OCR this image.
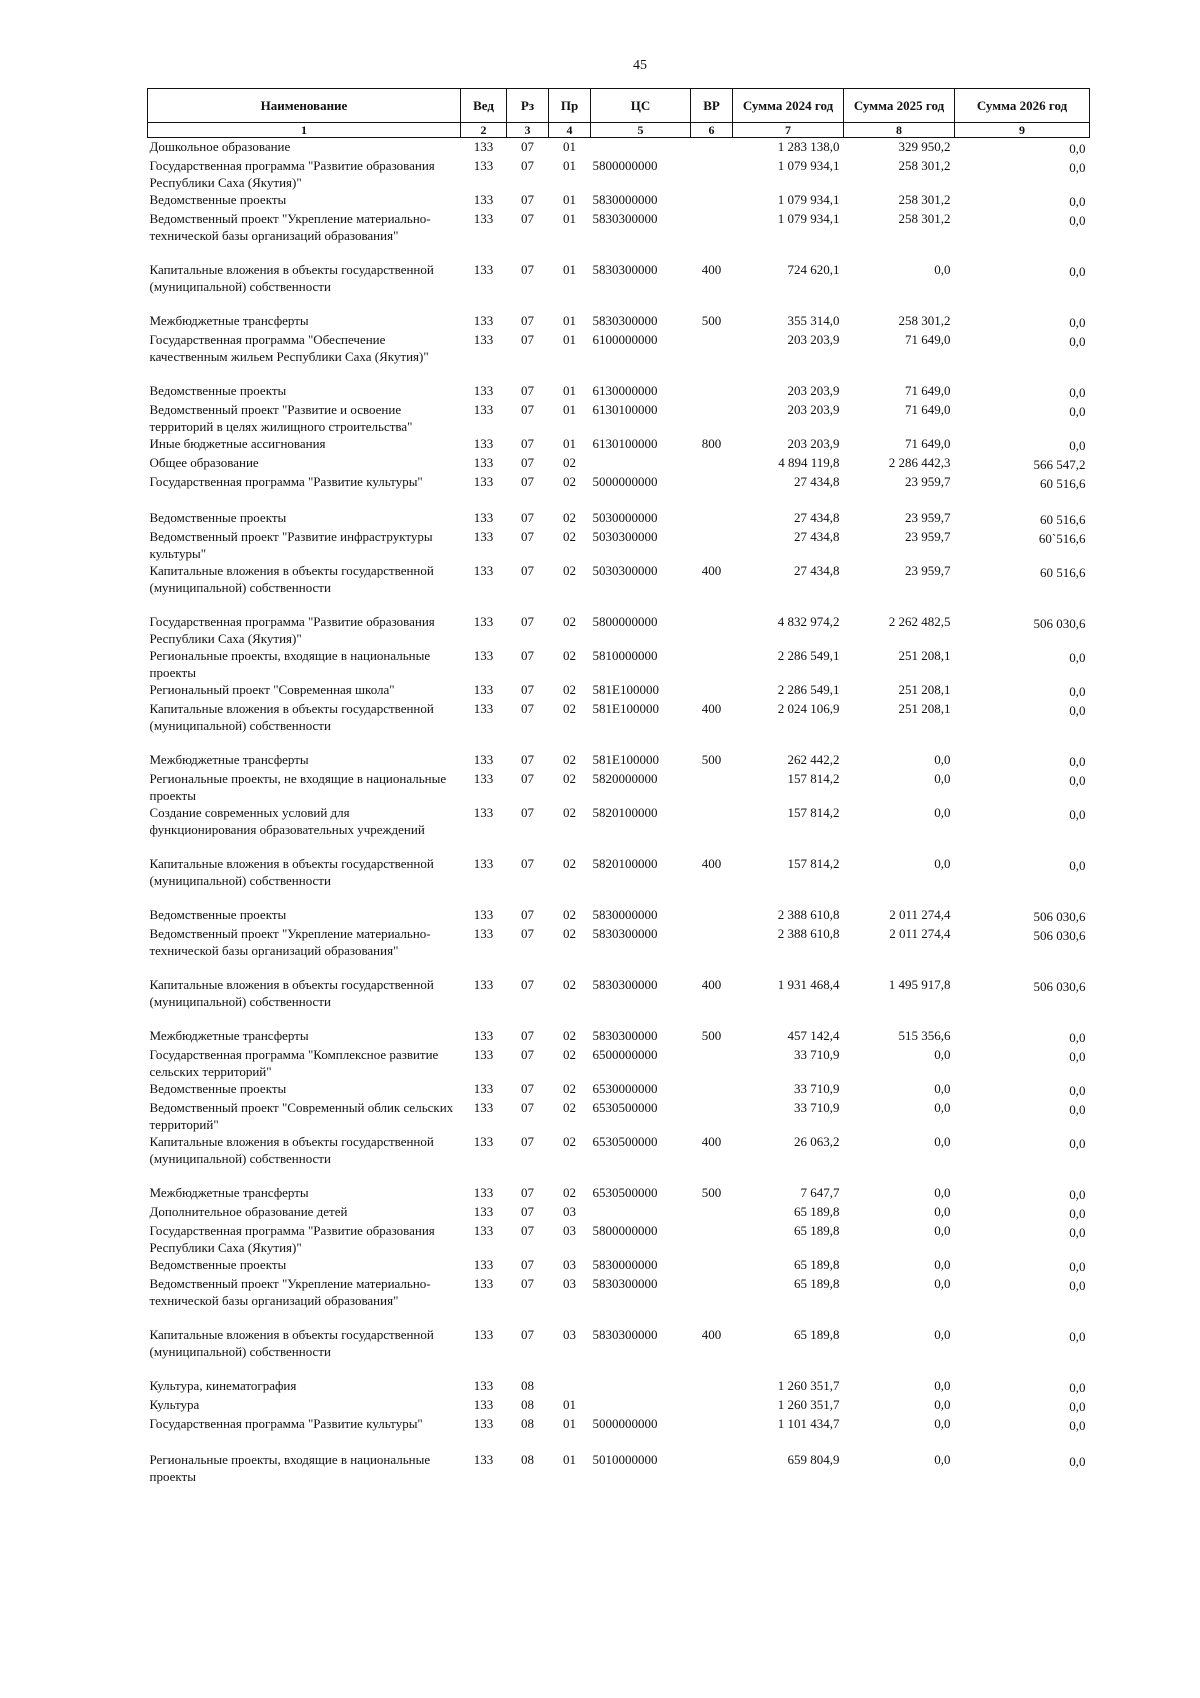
45
Наименование	Вед	Рз	Пр	ЦС	ВР	Сумма 2024 год	Сумма 2025 год	Сумма 2026 год
1	2	3	4	5	6	7	8	9
Дошкольное образование	133	07	01			1 283 138,0	329 950,2	0,0
Государственная программа "Развитие образования Республики Саха (Якутия)"	133	07	01	5800000000		1 079 934,1	258 301,2	0,0
Ведомственные проекты	133	07	01	5830000000		1 079 934,1	258 301,2	0,0
Ведомственный проект "Укрепление материально-технической базы организаций образования"	133	07	01	5830300000		1 079 934,1	258 301,2	0,0
Капитальные вложения в объекты государственной (муниципальной) собственности	133	07	01	5830300000	400	724 620,1	0,0	0,0
Межбюджетные трансферты	133	07	01	5830300000	500	355 314,0	258 301,2	0,0
Государственная программа "Обеспечение качественным жильем Республики Саха (Якутия)"	133	07	01	6100000000		203 203,9	71 649,0	0,0
Ведомственные проекты	133	07	01	6130000000		203 203,9	71 649,0	0,0
Ведомственный проект "Развитие и освоение территорий в целях жилищного строительства"	133	07	01	6130100000		203 203,9	71 649,0	0,0
Иные бюджетные ассигнования	133	07	01	6130100000	800	203 203,9	71 649,0	0,0
Общее образование	133	07	02			4 894 119,8	2 286 442,3	566 547,2
Государственная программа "Развитие культуры"	133	07	02	5000000000		27 434,8	23 959,7	60 516,6
Ведомственные проекты	133	07	02	5030000000		27 434,8	23 959,7	60 516,6
Ведомственный проект "Развитие инфраструктуры культуры"	133	07	02	5030300000		27 434,8	23 959,7	60`516,6
Капитальные вложения в объекты государственной (муниципальной) собственности	133	07	02	5030300000	400	27 434,8	23 959,7	60 516,6
Государственная программа "Развитие образования Республики Саха (Якутия)"	133	07	02	5800000000		4 832 974,2	2 262 482,5	506 030,6
Региональные проекты, входящие в национальные проекты	133	07	02	5810000000		2 286 549,1	251 208,1	0,0
Региональный проект "Современная школа"	133	07	02	581E100000		2 286 549,1	251 208,1	0,0
Капитальные вложения в объекты государственной (муниципальной) собственности	133	07	02	581E100000	400	2 024 106,9	251 208,1	0,0
Межбюджетные трансферты	133	07	02	581E100000	500	262 442,2	0,0	0,0
Региональные проекты, не входящие в национальные проекты	133	07	02	5820000000		157 814,2	0,0	0,0
Создание современных условий для функционирования образовательных учреждений	133	07	02	5820100000		157 814,2	0,0	0,0
Капитальные вложения в объекты государственной (муниципальной) собственности	133	07	02	5820100000	400	157 814,2	0,0	0,0
Ведомственные проекты	133	07	02	5830000000		2 388 610,8	2 011 274,4	506 030,6
Ведомственный проект "Укрепление материально-технической базы организаций образования"	133	07	02	5830300000		2 388 610,8	2 011 274,4	506 030,6
Капитальные вложения в объекты государственной (муниципальной) собственности	133	07	02	5830300000	400	1 931 468,4	1 495 917,8	506 030,6
Межбюджетные трансферты	133	07	02	5830300000	500	457 142,4	515 356,6	0,0
Государственная программа "Комплексное развитие сельских территорий"	133	07	02	6500000000		33 710,9	0,0	0,0
Ведомственные проекты	133	07	02	6530000000		33 710,9	0,0	0,0
Ведомственный проект "Современный облик сельских территорий"	133	07	02	6530500000		33 710,9	0,0	0,0
Капитальные вложения в объекты государственной (муниципальной) собственности	133	07	02	6530500000	400	26 063,2	0,0	0,0
Межбюджетные трансферты	133	07	02	6530500000	500	7 647,7	0,0	0,0
Дополнительное образование детей	133	07	03			65 189,8	0,0	0,0
Государственная программа "Развитие образования Республики Саха (Якутия)"	133	07	03	5800000000		65 189,8	0,0	0,0
Ведомственные проекты	133	07	03	5830000000		65 189,8	0,0	0,0
Ведомственный проект "Укрепление материально-технической базы организаций образования"	133	07	03	5830300000		65 189,8	0,0	0,0
Капитальные вложения в объекты государственной (муниципальной) собственности	133	07	03	5830300000	400	65 189,8	0,0	0,0
Культура, кинематография	133	08				1 260 351,7	0,0	0,0
Культура	133	08	01			1 260 351,7	0,0	0,0
Государственная программа "Развитие культуры"	133	08	01	5000000000		1 101 434,7	0,0	0,0
Региональные проекты, входящие в национальные проекты	133	08	01	5010000000		659 804,9	0,0	0,0
